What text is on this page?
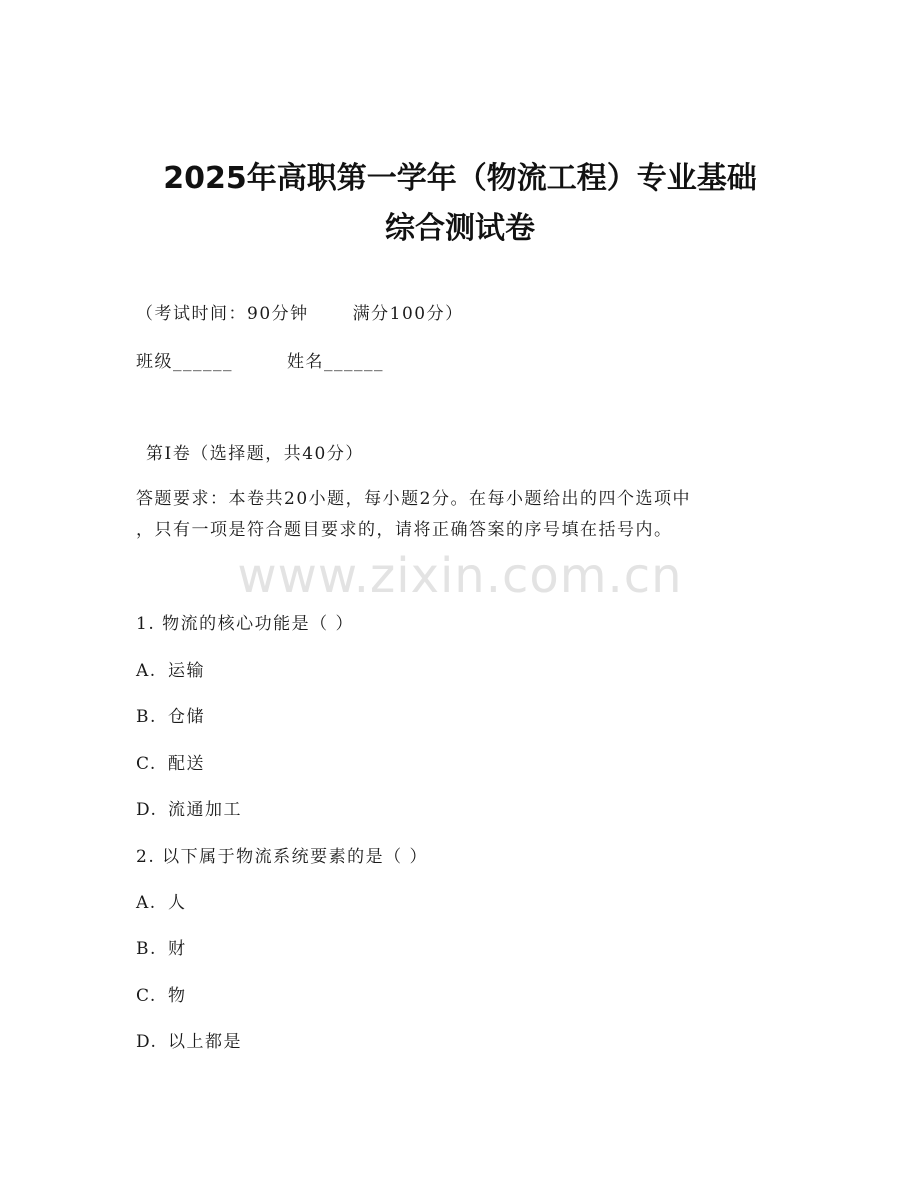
2025年高职第一学年（物流工程）专业基础
综合测试卷
（考试时间：90分钟	满分100分）
班级______	姓名______
第I卷（选择题，共40分）
答题要求：本卷共20小题，每小题2分。在每小题给出的四个选项中
，只有一项是符合题目要求的，请将正确答案的序号填在括号内。
www.zixin.com.cn
1. 物流的核心功能是（ ）
A. 运输
B. 仓储
C. 配送
D. 流通加工
2. 以下属于物流系统要素的是（ ）
A. 人
B. 财
C. 物
D. 以上都是
